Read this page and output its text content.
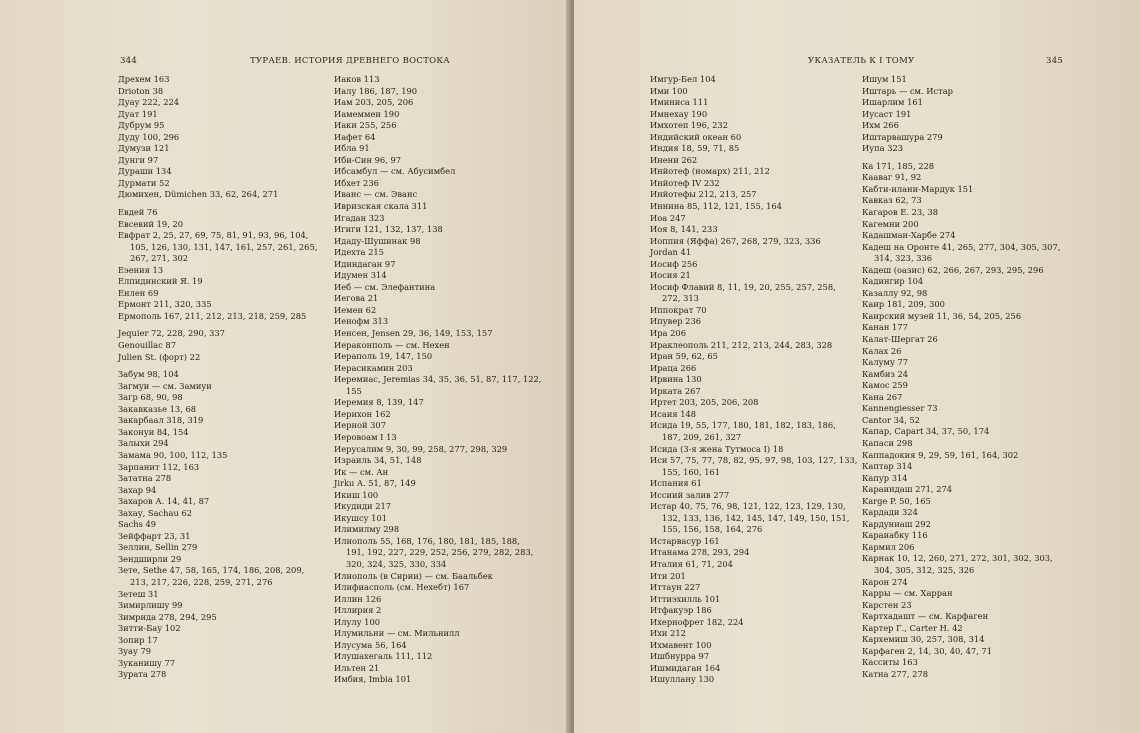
344	ТУРАЕВ. ИСТОРИЯ ДРЕВНЕГО ВОСТОКА
Дрехем 163
Drioton 38
Дуау 222, 224
Дуат 191
Дубрум 95
Дуду 100, 296
Думузи 121
Дунги 97
Дураши 134
Дурмати 52
Дюмихен, Dümichen 33, 62, 264, 271
Евдей 76
Евсевий 19, 20
Евфрат 2, 25, 27, 69, 75, 81, 91, 93, 96, 104,
105, 126, 130, 131, 147, 161, 257, 261, 265,
267, 271, 302
Еэения 13
Елпидинский Я. 19
Енлен 69
Ермонт 211, 320, 335
Ермополь 167, 211, 212, 213, 218, 259, 285
Jequier 72, 228, 290, 337
Genouillac 87
Julien St. (форт) 22
Забум 98, 104
Загмуи — см. Замиуи
Загр 68, 90, 98
Закавказье 13, 68
Закарбаал 318, 319
Законуи 84, 154
Залыхи 294
Замама 90, 100, 112, 135
Зарпанит 112, 163
Зататна 278
Захар 94
Захаров А. 14, 41, 87
Захау, Sachau 62
Sachs 49
Зейффарт 23, 31
Зеллин, Sellin 279
Зендширли 29
Зете, Sethe 47, 58, 165, 174, 186, 208, 209,
213, 217, 226, 228, 259, 271, 276
Зетеш 31
Зимирлишу 99
Зимрида 278, 294, 295
Зитти-Бау 102
Зопир 17
Зуау 79
Зуканишу 77
Зурата 278
Иаков 113
Иалу 186, 187, 190
Иам 203, 205, 206
Иамеммеи 190
Иаки 255, 256
Иафет 64
Ибла 91
Иби-Син 96, 97
Ибсамбул — см. Абусимбел
Ибхет 236
Иванс — см. Эванс
Ивризская скала 311
Игадан 323
Игиги 121, 132, 137, 138
Идаду-Шушинак 98
Идехта 215
Идиндаган 97
Идумен 314
Иеб — см. Элефантина
Иегова 21
Иемен 62
Иенофм 313
Иенсен, Jensen 29, 36, 149, 153, 157
Иераконполь — см. Нехен
Иераполь 19, 147, 150
Иерасикамин 203
Иеремиас, Jeremias 34, 35, 36, 51, 87, 117, 122,
155
Иеремия 8, 139, 147
Иерихон 162
Иерной 307
Иеровоам I 13
Иерусалим 9, 30, 99, 258, 277, 298, 329
Израиль 34, 51, 148
Ик — см. Ан
Jirku A. 51, 87, 149
Икиш 100
Икудиди 217
Икушсу 101
Илимилму 298
Илиополь 55, 168, 176, 180, 181, 185, 188,
191, 192, 227, 229, 252, 256, 279, 282, 283,
320, 324, 325, 330, 334
Илиополь (в Сирии) — см. Баальбек
Илифиасполь (см. Нехебт) 167
Иллин 126
Иллирия 2
Илулу 100
Илумильни — см. Мильнилл
Илусума 56, 164
Илушахегаль 111, 112
Ильтен 21
Имбия, Imbia 101
УКАЗАТЕЛЬ К I ТОМУ	345
Имгур-Бел 104
Ими 100
Иминиса 111
Имнехау 190
Имхотеп 196, 232
Индийский океан 60
Индия 18, 59, 71, 85
Инени 262
Инйотеф (номарх) 211, 212
Инйотеф IV 232
Инйотефы 212, 213, 257
Иннина 85, 112, 121, 155, 164
Иоа 247
Иоя 8, 141, 233
Иоппия (Яффа) 267, 268, 279, 323, 336
Jordan 41
Иосиф 256
Иосия 21
Иосиф Флавий 8, 11, 19, 20, 255, 257, 258,
272, 313
Иппократ 70
Ипувер 236
Ира 206
Ираклеополь 211, 212, 213, 244, 283, 328
Иран 59, 62, 65
Ирацa 266
Ирвина 130
Ирката 267
Иртет 203, 205, 206, 208
Исаия 148
Исида 19, 55, 177, 180, 181, 182, 183, 186,
187, 209, 261, 327
Исида (3-я жена Тутмоса I) 18
Иси 57, 75, 77, 78, 82, 95, 97, 98, 103, 127, 133,
155, 160, 161
Испания 61
Иссиий залив 277
Истар 40, 75, 76, 98, 121, 122, 123, 129, 130,
132, 133, 136, 142, 145, 147, 149, 150, 151,
155, 156, 158, 164, 276
Истарвасур 161
Итанама 278, 293, 294
Италия 61, 71, 204
Ити 201
Иттаун 227
Иттиэхилль 101
Итфакуэр 186
Ихернофрет 182, 224
Ихи 212
Ихмавент 100
Ишбнурра 97
Ишмидаган 164
Ишуллану 130
Ишум 151
Иштарь — см. Истар
Ишарлим 161
Иусаст 191
Ихм 266
Иштарвашура 279
Иупа 323
Ка 171, 185, 228
Кааваг 91, 92
Кабти-илани-Мардук 151
Кавказ 62, 73
Кагаров Е. 23, 38
Кагемни 200
Кадашман-Харбе 274
Кадеш на Оронте 41, 265, 277, 304, 305, 307,
314, 323, 336
Кадеш (оазис) 62, 266, 267, 293, 295, 296
Кадингир 104
Казаллу 92, 98
Каир 181, 209, 300
Каирский музей 11, 36, 54, 205, 256
Канан 177
Калат-Шергат 26
Калах 26
Калуму 77
Камбиз 24
Камос 259
Кана 267
Kannengiesser 73
Cantor 34, 52
Капар, Capart 34, 37, 50, 174
Капаси 298
Каппадокия 9, 29, 59, 161, 164, 302
Каптар 314
Капур 314
Караиндаш 271, 274
Karge P. 50, 165
Кардади 324
Кардуниаш 292
Караиабку 116
Кармил 206
Карнак 10, 12, 260, 271, 272, 301, 302, 303,
304, 305, 312, 325, 326
Карон 274
Карры — см. Харран
Карстен 23
Картхадашт — см. Карфаген
Картер Г., Carter H. 42
Кархемиш 30, 257, 308, 314
Карфаген 2, 14, 30, 40, 47, 71
Касситы 163
Катна 277, 278
